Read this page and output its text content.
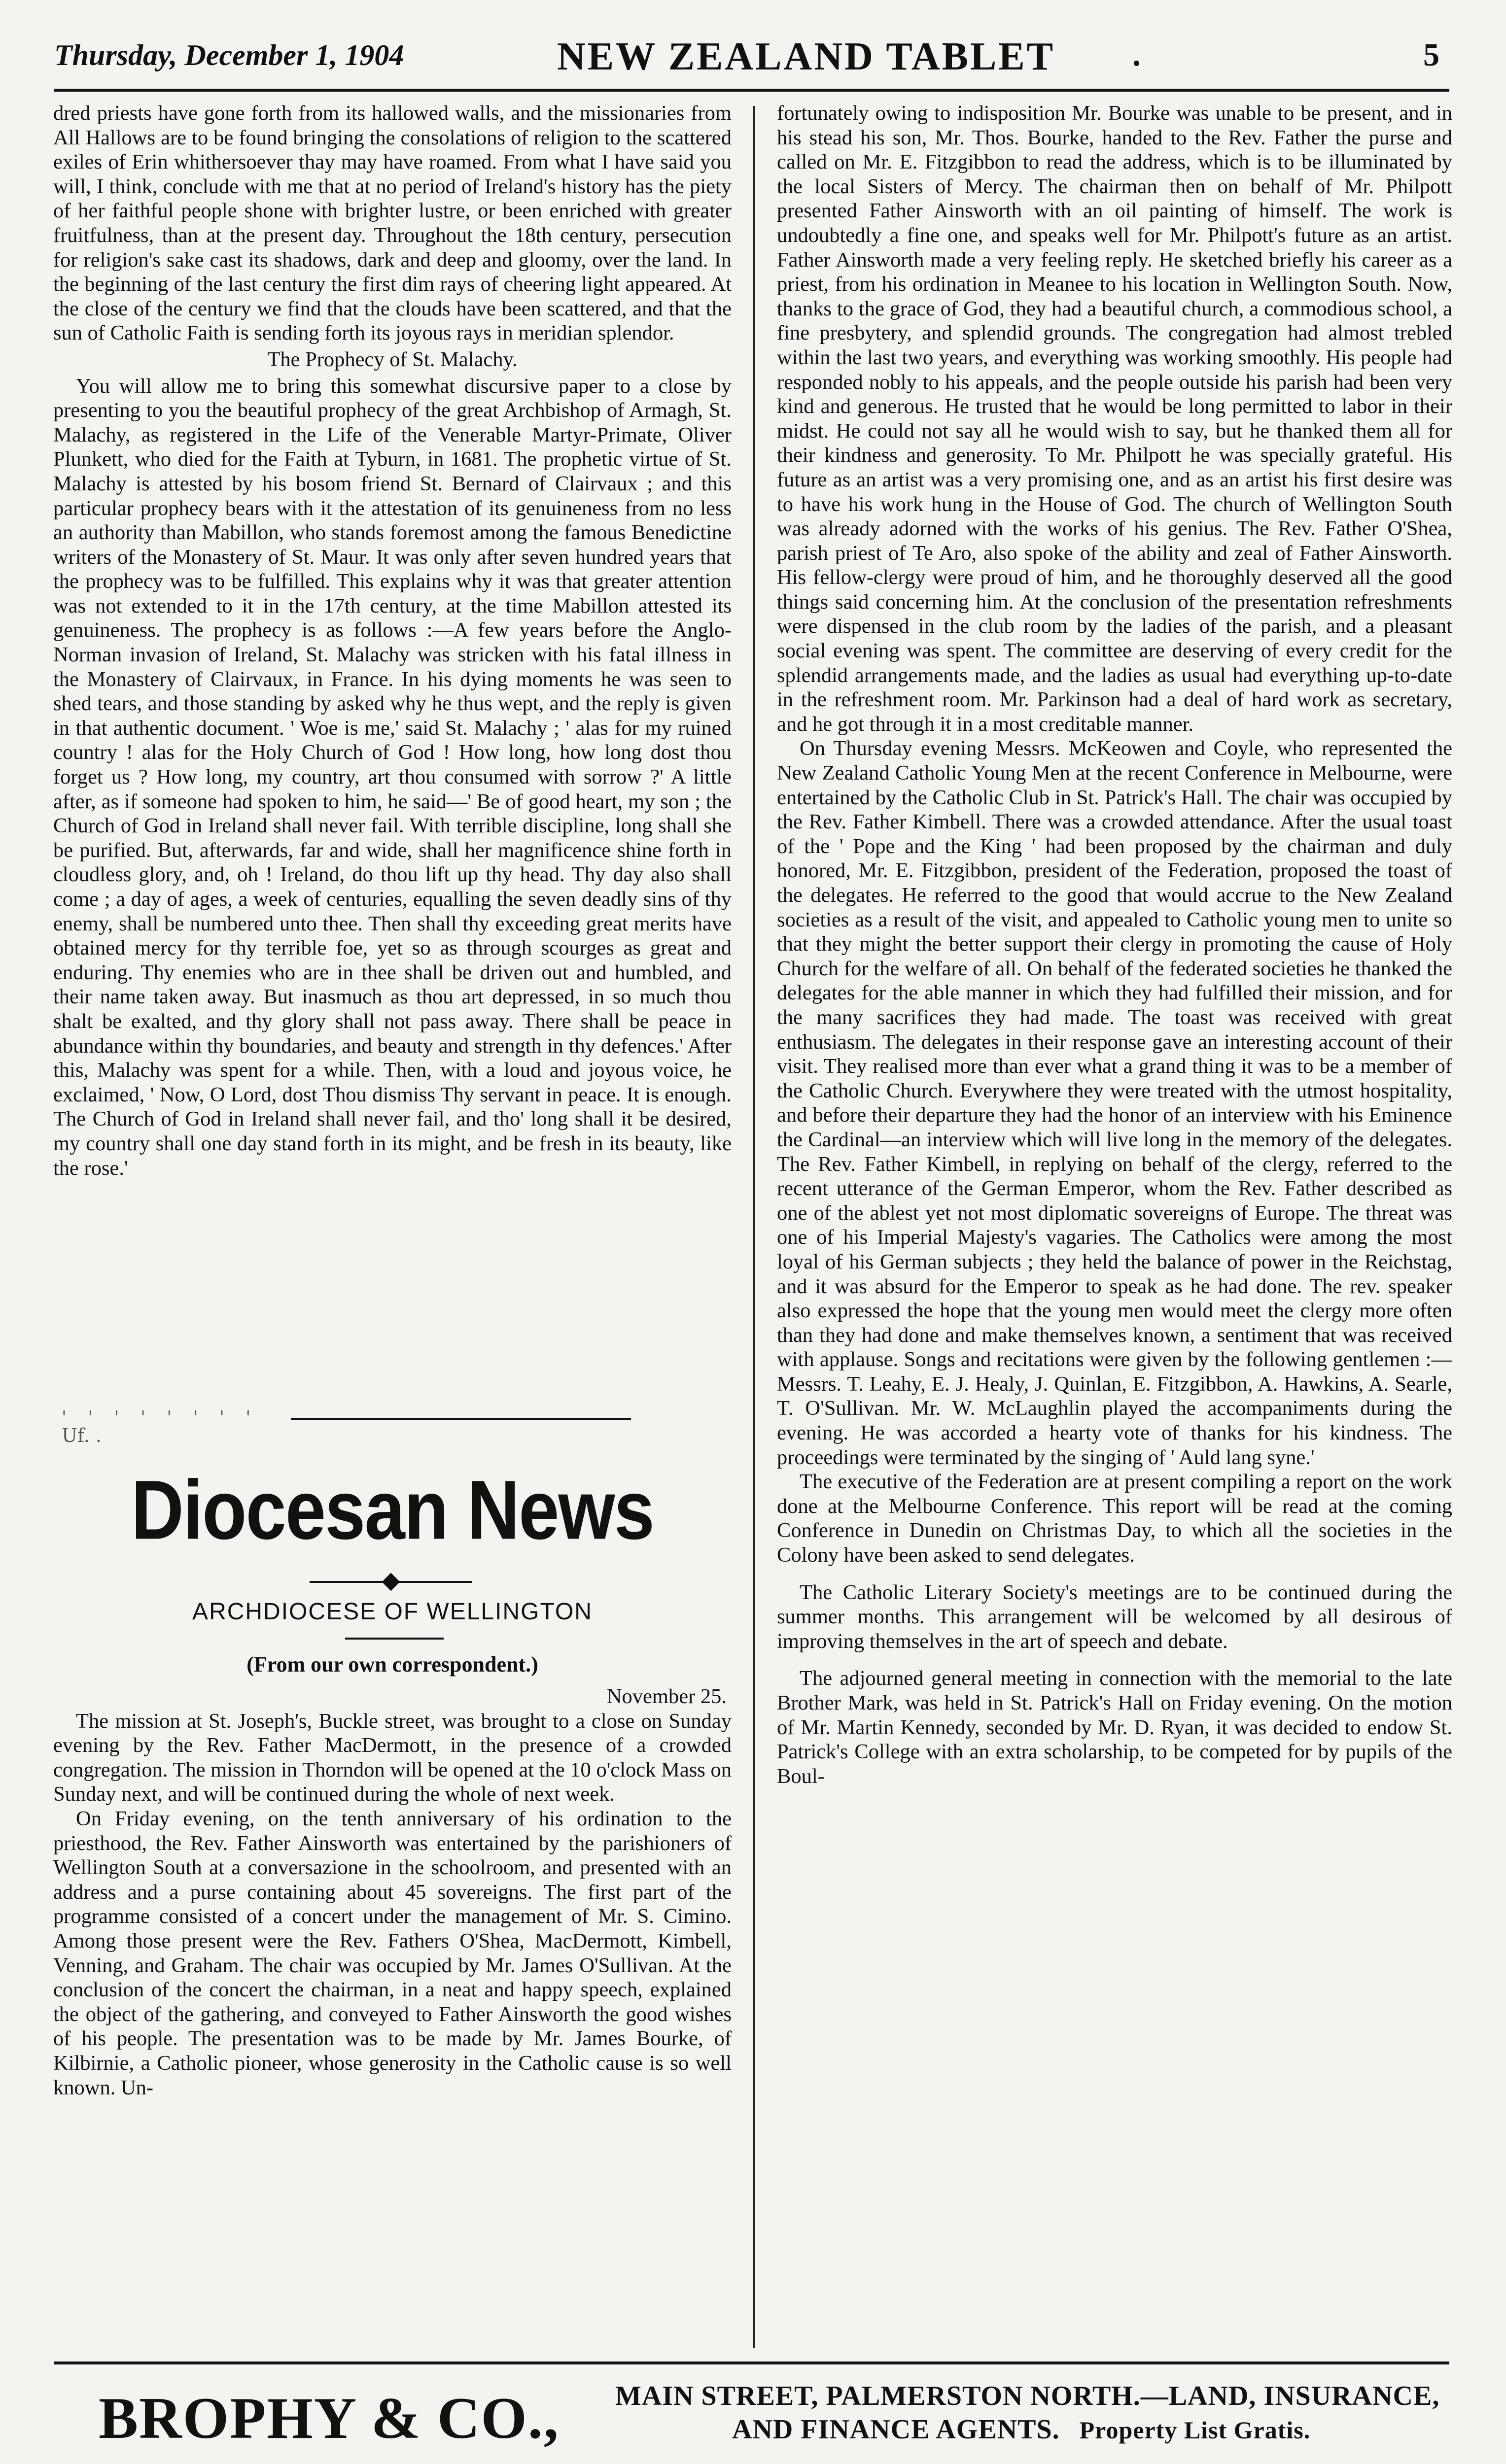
Thursday, December 1, 1904	NEW ZEALAND TABLET	.	5

dred priests have gone forth from its hallowed walls, and the missionaries from All Hallows are to be found bringing the consolations of religion to the scattered exiles of Erin whithersoever thay may have roamed. From what I have said you will, I think, conclude with me that at no period of Ireland's history has the piety of her faithful people shone with brighter lustre, or been enriched with greater fruitfulness, than at the present day. Throughout the 18th century, persecution for religion's sake cast its shadows, dark and deep and gloomy, over the land. In the beginning of the last century the first dim rays of cheering light appeared. At the close of the century we find that the clouds have been scattered, and that the sun of Catholic Faith is sending forth its joyous rays in meridian splendor.

The Prophecy of St. Malachy.

You will allow me to bring this somewhat discursive paper to a close by presenting to you the beautiful prophecy of the great Archbishop of Armagh, St. Malachy, as registered in the Life of the Venerable Martyr-Primate, Oliver Plunkett, who died for the Faith at Tyburn, in 1681. The prophetic virtue of St. Malachy is attested by his bosom friend St. Bernard of Clairvaux ; and this particular prophecy bears with it the attestation of its genuineness from no less an authority than Mabillon, who stands foremost among the famous Benedictine writers of the Monastery of St. Maur. It was only after seven hundred years that the prophecy was to be fulfilled. This explains why it was that greater attention was not extended to it in the 17th century, at the time Mabillon attested its genuineness. The prophecy is as follows :—A few years before the Anglo-Norman invasion of Ireland, St. Malachy was stricken with his fatal illness in the Monastery of Clairvaux, in France. In his dying moments he was seen to shed tears, and those standing by asked why he thus wept, and the reply is given in that authentic document. ' Woe is me,' said St. Malachy ; ' alas for my ruined country ! alas for the Holy Church of God ! How long, how long dost thou forget us ? How long, my country, art thou consumed with sorrow ?' A little after, as if someone had spoken to him, he said—' Be of good heart, my son ; the Church of God in Ireland shall never fail. With terrible discipline, long shall she be purified. But, afterwards, far and wide, shall her magnificence shine forth in cloudless glory, and, oh ! Ireland, do thou lift up thy head. Thy day also shall come ; a day of ages, a week of centuries, equalling the seven deadly sins of thy enemy, shall be numbered unto thee. Then shall thy exceeding great merits have obtained mercy for thy terrible foe, yet so as through scourges as great and enduring. Thy enemies who are in thee shall be driven out and humbled, and their name taken away. But inasmuch as thou art depressed, in so much thou shalt be exalted, and thy glory shall not pass away. There shall be peace in abundance within thy boundaries, and beauty and strength in thy defences.' After this, Malachy was spent for a while. Then, with a loud and joyous voice, he exclaimed, ' Now, O Lord, dost Thou dismiss Thy servant in peace. It is enough. The Church of God in Ireland shall never fail, and tho' long shall it be desired, my country shall one day stand forth in its might, and be fresh in its beauty, like the rose.'

' ' ' ' ' ' ' '
Uf. .
Diocesan News
ARCHDIOCESE OF WELLINGTON
(From our own correspondent.)
November 25.

The mission at St. Joseph's, Buckle street, was brought to a close on Sunday evening by the Rev. Father MacDermott, in the presence of a crowded congregation. The mission in Thorndon will be opened at the 10 o'clock Mass on Sunday next, and will be continued during the whole of next week.

On Friday evening, on the tenth anniversary of his ordination to the priesthood, the Rev. Father Ainsworth was entertained by the parishioners of Wellington South at a conversazione in the schoolroom, and presented with an address and a purse containing about 45 sovereigns. The first part of the programme consisted of a concert under the management of Mr. S. Cimino. Among those present were the Rev. Fathers O'Shea, MacDermott, Kimbell, Venning, and Graham. The chair was occupied by Mr. James O'Sullivan. At the conclusion of the concert the chairman, in a neat and happy speech, explained the object of the gathering, and conveyed to Father Ainsworth the good wishes of his people. The presentation was to be made by Mr. James Bourke, of Kilbirnie, a Catholic pioneer, whose generosity in the Catholic cause is so well known. Un-

fortunately owing to indisposition Mr. Bourke was unable to be present, and in his stead his son, Mr. Thos. Bourke, handed to the Rev. Father the purse and called on Mr. E. Fitzgibbon to read the address, which is to be illuminated by the local Sisters of Mercy. The chairman then on behalf of Mr. Philpott presented Father Ainsworth with an oil painting of himself. The work is undoubtedly a fine one, and speaks well for Mr. Philpott's future as an artist. Father Ainsworth made a very feeling reply. He sketched briefly his career as a priest, from his ordination in Meanee to his location in Wellington South. Now, thanks to the grace of God, they had a beautiful church, a commodious school, a fine presbytery, and splendid grounds. The congregation had almost trebled within the last two years, and everything was working smoothly. His people had responded nobly to his appeals, and the people outside his parish had been very kind and generous. He trusted that he would be long permitted to labor in their midst. He could not say all he would wish to say, but he thanked them all for their kindness and generosity. To Mr. Philpott he was specially grateful. His future as an artist was a very promising one, and as an artist his first desire was to have his work hung in the House of God. The church of Wellington South was already adorned with the works of his genius. The Rev. Father O'Shea, parish priest of Te Aro, also spoke of the ability and zeal of Father Ainsworth. His fellow-clergy were proud of him, and he thoroughly deserved all the good things said concerning him. At the conclusion of the presentation refreshments were dispensed in the club room by the ladies of the parish, and a pleasant social evening was spent. The committee are deserving of every credit for the splendid arrangements made, and the ladies as usual had everything up-to-date in the refreshment room. Mr. Parkinson had a deal of hard work as secretary, and he got through it in a most creditable manner.

On Thursday evening Messrs. McKeowen and Coyle, who represented the New Zealand Catholic Young Men at the recent Conference in Melbourne, were entertained by the Catholic Club in St. Patrick's Hall. The chair was occupied by the Rev. Father Kimbell. There was a crowded attendance. After the usual toast of the ' Pope and the King ' had been proposed by the chairman and duly honored, Mr. E. Fitzgibbon, president of the Federation, proposed the toast of the delegates. He referred to the good that would accrue to the New Zealand societies as a result of the visit, and appealed to Catholic young men to unite so that they might the better support their clergy in promoting the cause of Holy Church for the welfare of all. On behalf of the federated societies he thanked the delegates for the able manner in which they had fulfilled their mission, and for the many sacrifices they had made. The toast was received with great enthusiasm. The delegates in their response gave an interesting account of their visit. They realised more than ever what a grand thing it was to be a member of the Catholic Church. Everywhere they were treated with the utmost hospitality, and before their departure they had the honor of an interview with his Eminence the Cardinal—an interview which will live long in the memory of the delegates. The Rev. Father Kimbell, in replying on behalf of the clergy, referred to the recent utterance of the German Emperor, whom the Rev. Father described as one of the ablest yet not most diplomatic sovereigns of Europe. The threat was one of his Imperial Majesty's vagaries. The Catholics were among the most loyal of his German subjects ; they held the balance of power in the Reichstag, and it was absurd for the Emperor to speak as he had done. The rev. speaker also expressed the hope that the young men would meet the clergy more often than they had done and make themselves known, a sentiment that was received with applause. Songs and recitations were given by the following gentlemen :—Messrs. T. Leahy, E. J. Healy, J. Quinlan, E. Fitzgibbon, A. Hawkins, A. Searle, T. O'Sullivan. Mr. W. McLaughlin played the accompaniments during the evening. He was accorded a hearty vote of thanks for his kindness. The proceedings were terminated by the singing of ' Auld lang syne.'

The executive of the Federation are at present compiling a report on the work done at the Melbourne Conference. This report will be read at the coming Conference in Dunedin on Christmas Day, to which all the societies in the Colony have been asked to send delegates.

The Catholic Literary Society's meetings are to be continued during the summer months. This arrangement will be welcomed by all desirous of improving themselves in the art of speech and debate.

The adjourned general meeting in connection with the memorial to the late Brother Mark, was held in St. Patrick's Hall on Friday evening. On the motion of Mr. Martin Kennedy, seconded by Mr. D. Ryan, it was decided to endow St. Patrick's College with an extra scholarship, to be competed for by pupils of the Boul-

BROPHY & CO., MAIN STREET, PALMERSTON NORTH.—LAND, INSURANCE,
AND FINANCE AGENTS. Property List Gratis.
